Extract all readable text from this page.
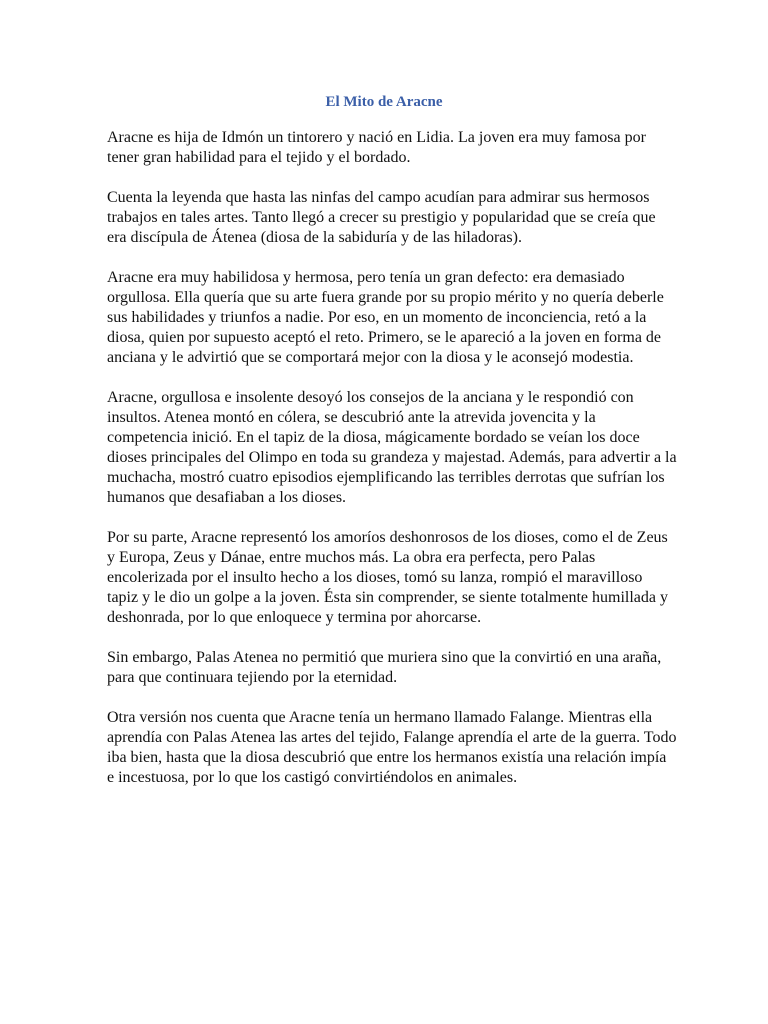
El Mito de Aracne

Aracne es hija de Idmón un tintorero y nació en Lidia. La joven era muy famosa por tener gran habilidad para el tejido y el bordado.

Cuenta la leyenda que hasta las ninfas del campo acudían para admirar sus hermosos trabajos en tales artes. Tanto llegó a crecer su prestigio y popularidad que se creía que era discípula de Átenea (diosa de la sabiduría y de las hiladoras).

Aracne era muy habilidosa y hermosa, pero tenía un gran defecto: era demasiado orgullosa. Ella quería que su arte fuera grande por su propio mérito y no quería deberle sus habilidades y triunfos a nadie. Por eso, en un momento de inconciencia, retó a la diosa, quien por supuesto aceptó el reto. Primero, se le apareció a la joven en forma de anciana y le advirtió que se comportará mejor con la diosa y le aconsejó modestia.

Aracne, orgullosa e insolente desoyó los consejos de la anciana y le respondió con insultos. Atenea montó en cólera, se descubrió ante la atrevida jovencita y la competencia inició. En el tapiz de la diosa, mágicamente bordado se veían los doce dioses principales del Olimpo en toda su grandeza y majestad. Además, para advertir a la muchacha, mostró cuatro episodios ejemplificando las terribles derrotas que sufrían los humanos que desafiaban a los dioses.

Por su parte, Aracne representó los amoríos deshonrosos de los dioses, como el de Zeus y Europa, Zeus y Dánae, entre muchos más. La obra era perfecta, pero Palas encolerizada por el insulto hecho a los dioses, tomó su lanza, rompió el maravilloso tapiz y le dio un golpe a la joven. Ésta sin comprender, se siente totalmente humillada y deshonrada, por lo que enloquece y termina por ahorcarse.

Sin embargo, Palas Atenea no permitió que muriera sino que la convirtió en una araña, para que continuara tejiendo por la eternidad.

Otra versión nos cuenta que Aracne tenía un hermano llamado Falange. Mientras ella aprendía con Palas Atenea las artes del tejido, Falange aprendía el arte de la guerra. Todo iba bien, hasta que la diosa descubrió que entre los hermanos existía una relación impía e incestuosa, por lo que los castigó convirtiéndolos en animales.
